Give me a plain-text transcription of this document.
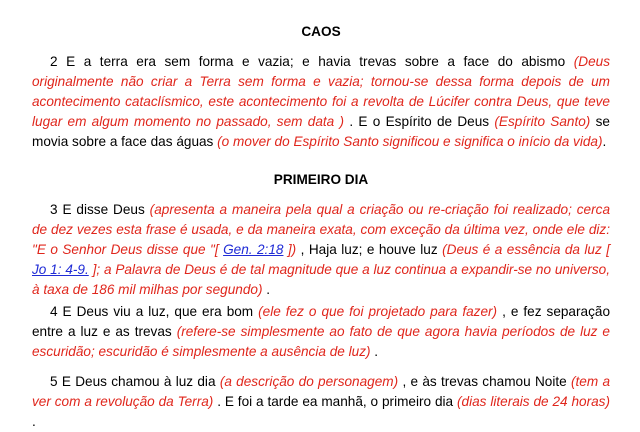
CAOS

2 E a terra era sem forma e vazia; e havia trevas sobre a face do abismo (Deus originalmente não criar a Terra sem forma e vazia; tornou-se dessa forma depois de um acontecimento cataclísmico, este acontecimento foi a revolta de Lúcifer contra Deus, que teve lugar em algum momento no passado, sem data ) . E o Espírito de Deus (Espírito Santo) se movia sobre a face das águas (o mover do Espírito Santo significou e significa o início da vida).

PRIMEIRO DIA

3 E disse Deus (apresenta a maneira pela qual a criação ou re-criação foi realizado; cerca de dez vezes esta frase é usada, e da maneira exata, com exceção da última vez, onde ele diz: "E o Senhor Deus disse que "[ Gen. 2:18 ]) , Haja luz; e houve luz (Deus é a essência da luz [ Jo 1: 4-9. ]; a Palavra de Deus é de tal magnitude que a luz continua a expandir-se no universo, à taxa de 186 mil milhas por segundo) .

4 E Deus viu a luz, que era bom (ele fez o que foi projetado para fazer) , e fez separação entre a luz e as trevas (refere-se simplesmente ao fato de que agora havia períodos de luz e escuridão; escuridão é simplesmente a ausência de luz) .

5 E Deus chamou à luz dia (a descrição do personagem) , e às trevas chamou Noite (tem a ver com a revolução da Terra) . E foi a tarde ea manhã, o primeiro dia (dias literais de 24 horas) .
